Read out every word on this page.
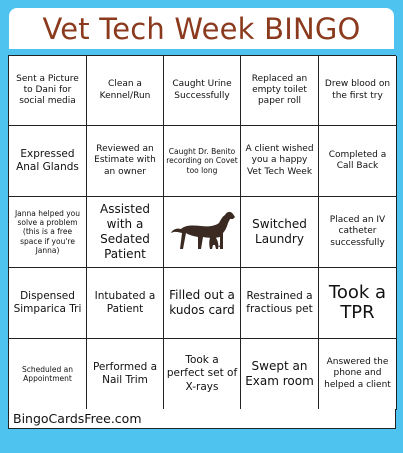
Vet Tech Week BINGO
Sent a Picture to Dani for social media
Clean a Kennel/Run
Caught Urine Successfully
Replaced an empty toilet paper roll
Drew blood on the first try
Expressed Anal Glands
Reviewed an Estimate with an owner
Caught Dr. Benito recording on Covet too long
A client wished you a happy Vet Tech Week
Completed a Call Back
Janna helped you solve a problem (this is a free space if you're Janna)
Assisted with a Sedated Patient
Switched Laundry
Placed an IV catheter successfully
Dispensed Simparica Tri
Intubated a Patient
Filled out a kudos card
Restrained a fractious pet
Took a TPR
Scheduled an Appointment
Performed a Nail Trim
Took a perfect set of X-rays
Swept an Exam room
Answered the phone and helped a client
BingoCardsFree.com
